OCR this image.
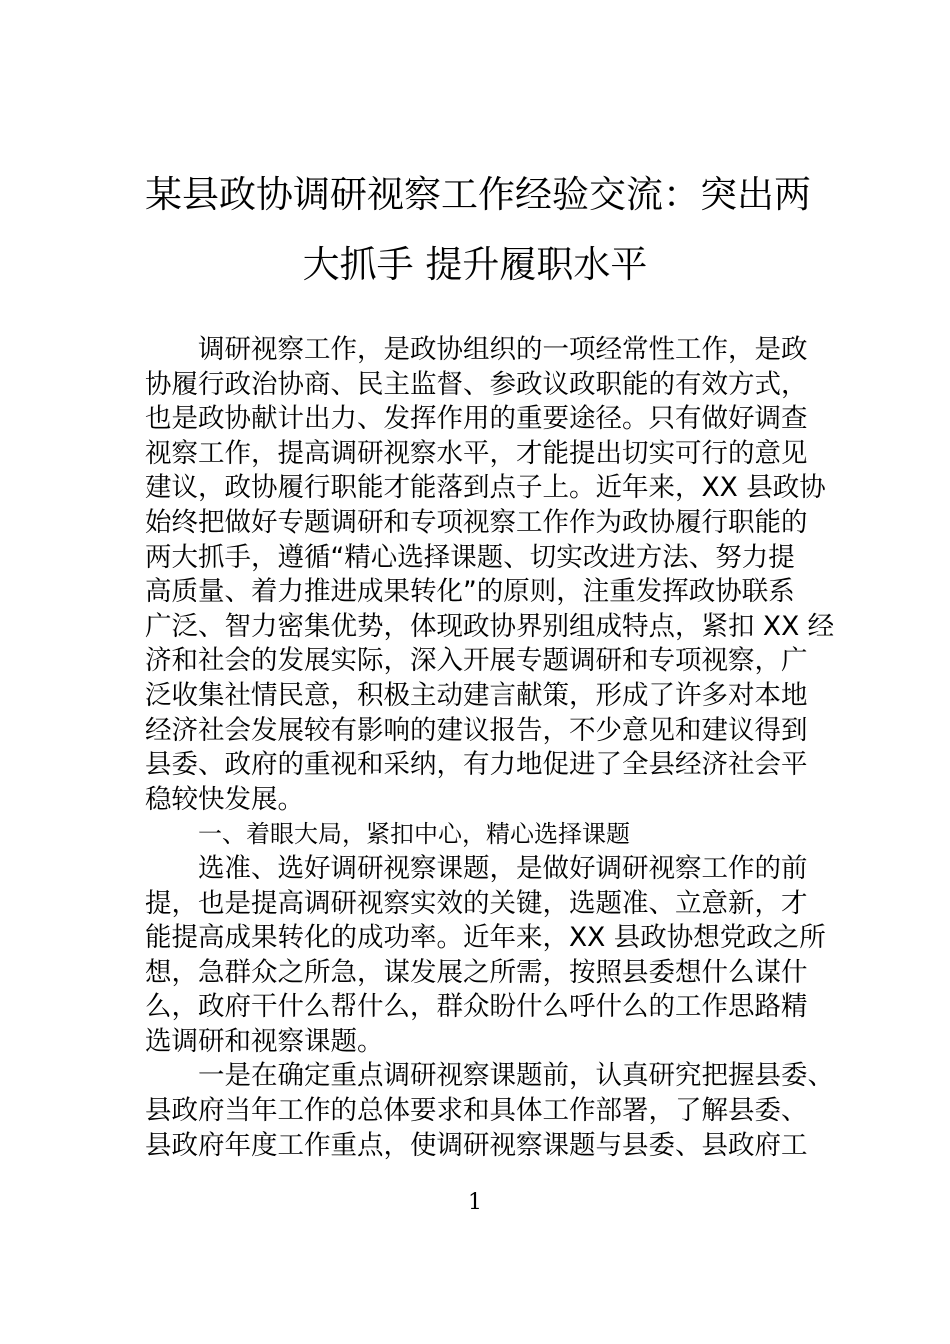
某县政协调研视察工作经验交流：突出两
大抓手 提升履职水平
调研视察工作，是政协组织的一项经常性工作，是政
协履行政治协商、民主监督、参政议政职能的有效方式，
也是政协献计出力、发挥作用的重要途径。只有做好调查
视察工作，提高调研视察水平，才能提出切实可行的意见
建议，政协履行职能才能落到点子上。近年来，XX 县政协
始终把做好专题调研和专项视察工作作为政协履行职能的
两大抓手，遵循“精心选择课题、切实改进方法、努力提
高质量、着力推进成果转化”的原则，注重发挥政协联系
广泛、智力密集优势，体现政协界别组成特点，紧扣 XX 经
济和社会的发展实际，深入开展专题调研和专项视察，广
泛收集社情民意，积极主动建言献策，形成了许多对本地
经济社会发展较有影响的建议报告，不少意见和建议得到
县委、政府的重视和采纳，有力地促进了全县经济社会平
稳较快发展。
一、着眼大局，紧扣中心，精心选择课题
选准、选好调研视察课题，是做好调研视察工作的前
提，也是提高调研视察实效的关键，选题准、立意新，才
能提高成果转化的成功率。近年来，XX 县政协想党政之所
想，急群众之所急，谋发展之所需，按照县委想什么谋什
么，政府干什么帮什么，群众盼什么呼什么的工作思路精
选调研和视察课题。
一是在确定重点调研视察课题前，认真研究把握县委、
县政府当年工作的总体要求和具体工作部署，了解县委、
县政府年度工作重点，使调研视察课题与县委、县政府工
1
